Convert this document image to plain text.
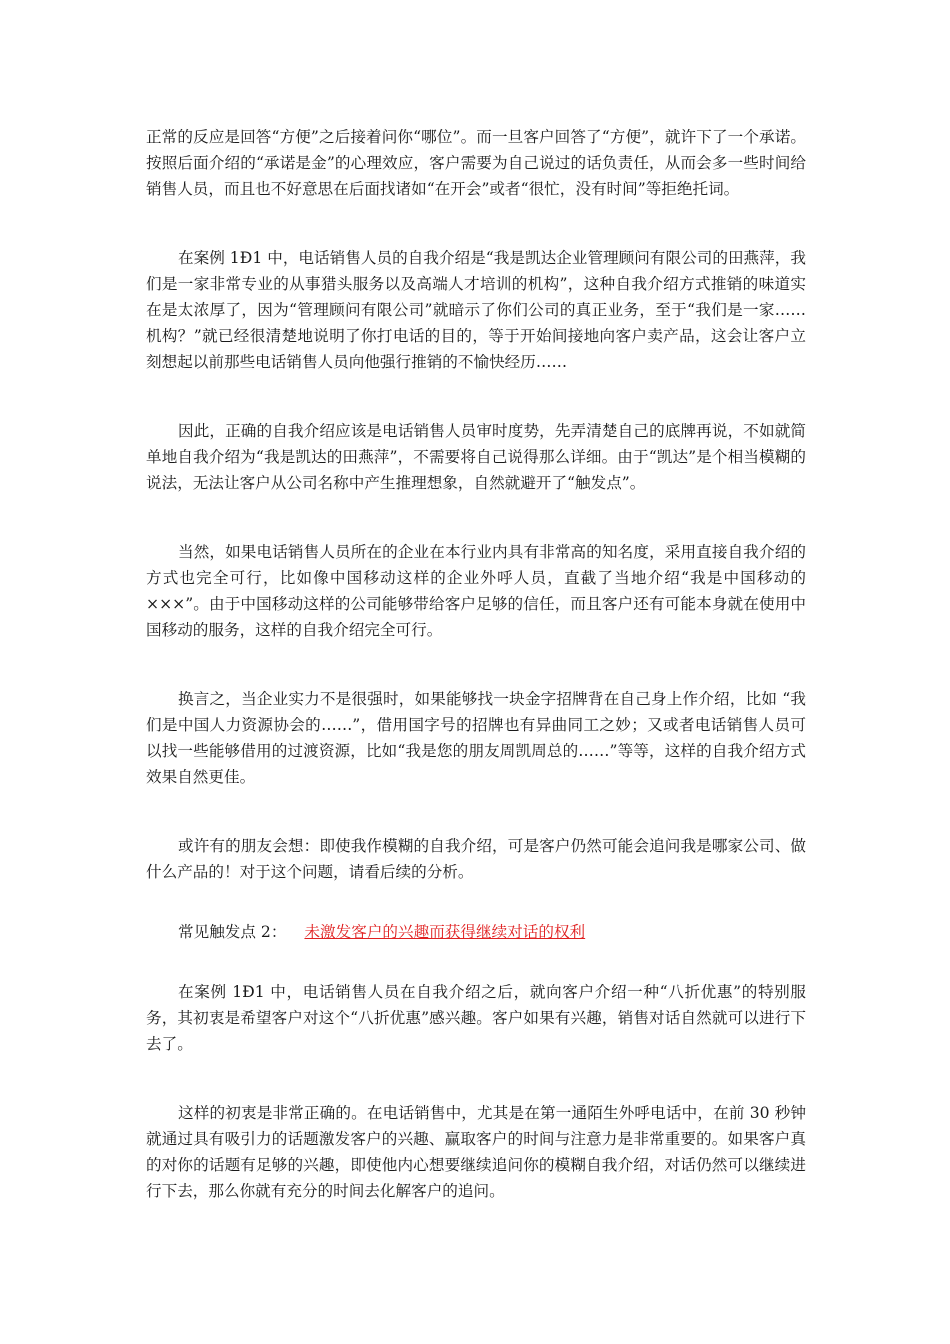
正常的反应是回答“方便”之后接着问你“哪位”。而一旦客户回答了“方便”，就许下了一个承诺。按照后面介绍的“承诺是金”的心理效应，客户需要为自己说过的话负责任，从而会多一些时间给销售人员，而且也不好意思在后面找诸如“在开会”或者“很忙，没有时间”等拒绝托词。

在案例 1Ð1 中，电话销售人员的自我介绍是“我是凯达企业管理顾问有限公司的田燕萍，我们是一家非常专业的从事猎头服务以及高端人才培训的机构”，这种自我介绍方式推销的味道实在是太浓厚了，因为“管理顾问有限公司”就暗示了你们公司的真正业务，至于“我们是一家……机构？”就已经很清楚地说明了你打电话的目的，等于开始间接地向客户卖产品，这会让客户立刻想起以前那些电话销售人员向他强行推销的不愉快经历……

因此，正确的自我介绍应该是电话销售人员审时度势，先弄清楚自己的底牌再说，不如就简单地自我介绍为“我是凯达的田燕萍”，不需要将自己说得那么详细。由于“凯达”是个相当模糊的说法，无法让客户从公司名称中产生推理想象，自然就避开了“触发点”。

当然，如果电话销售人员所在的企业在本行业内具有非常高的知名度，采用直接自我介绍的方式也完全可行，比如像中国移动这样的企业外呼人员，直截了当地介绍“我是中国移动的×××”。由于中国移动这样的公司能够带给客户足够的信任，而且客户还有可能本身就在使用中国移动的服务，这样的自我介绍完全可行。

换言之，当企业实力不是很强时，如果能够找一块金字招牌背在自己身上作介绍，比如 “我们是中国人力资源协会的……”，借用国字号的招牌也有异曲同工之妙；又或者电话销售人员可以找一些能够借用的过渡资源，比如“我是您的朋友周凯周总的……”等等，这样的自我介绍方式效果自然更佳。

或许有的朋友会想：即使我作模糊的自我介绍，可是客户仍然可能会追问我是哪家公司、做什么产品的！对于这个问题，请看后续的分析。

常见触发点 2： 未激发客户的兴趣而获得继续对话的权利

在案例 1Ð1 中，电话销售人员在自我介绍之后，就向客户介绍一种“八折优惠”的特别服务，其初衷是希望客户对这个“八折优惠”感兴趣。客户如果有兴趣，销售对话自然就可以进行下去了。

这样的初衷是非常正确的。在电话销售中，尤其是在第一通陌生外呼电话中，在前 30 秒钟就通过具有吸引力的话题激发客户的兴趣、赢取客户的时间与注意力是非常重要的。如果客户真的对你的话题有足够的兴趣，即使他内心想要继续追问你的模糊自我介绍，对话仍然可以继续进行下去，那么你就有充分的时间去化解客户的追问。
